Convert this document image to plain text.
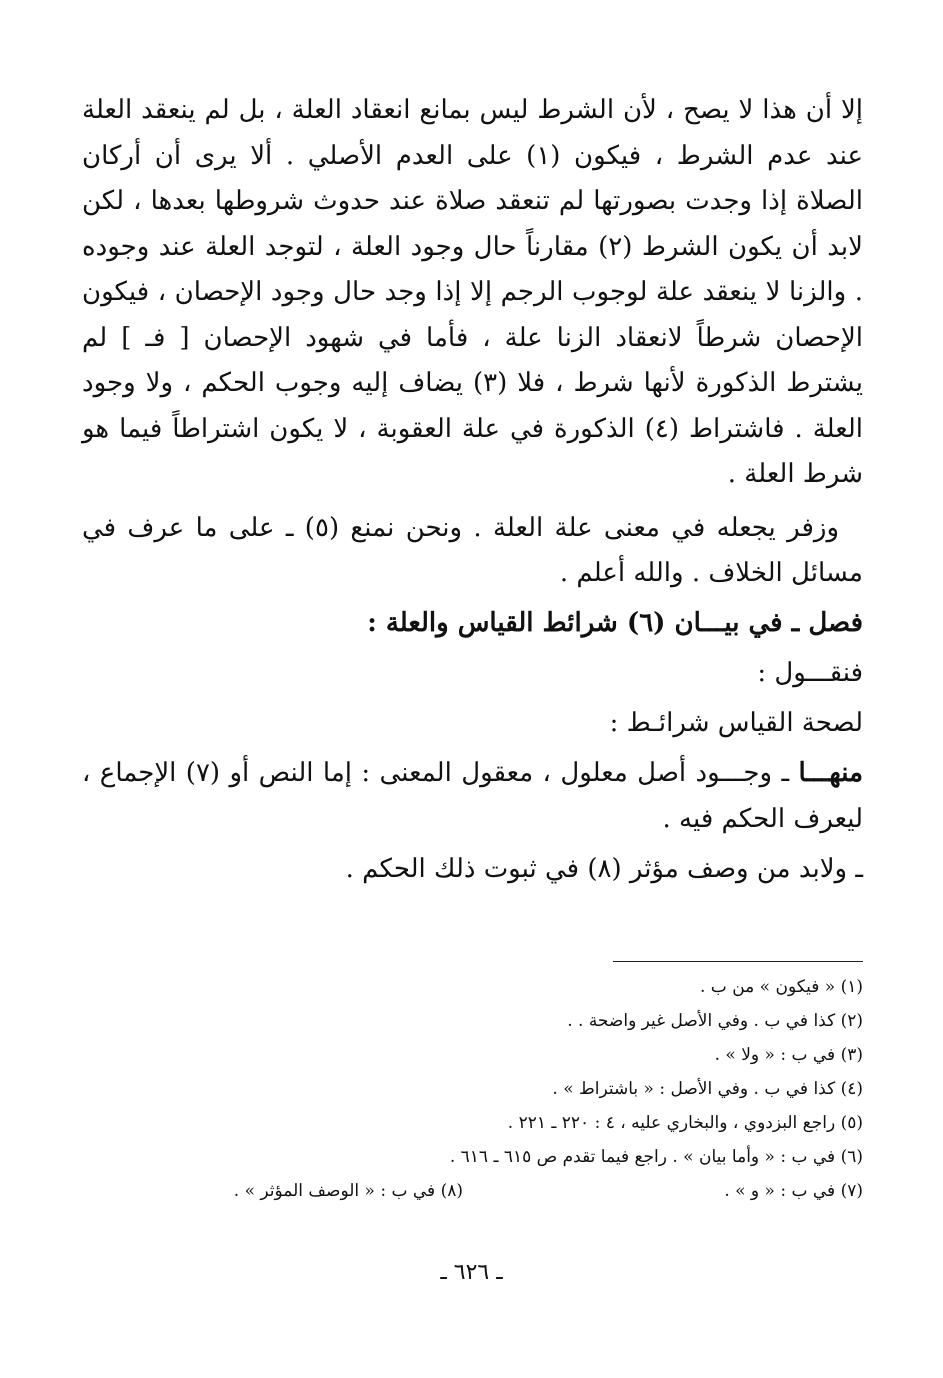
إلا أن هذا لا يصح ، لأن الشرط ليس بمانع انعقاد العلة ، بل لم ينعقد العلة عند عدم الشرط ، فيكون (١) على العدم الأصلي . ألا يرى أن أركان الصلاة إذا وجدت بصورتها لم تنعقد صلاة عند حدوث شروطها بعدها ، لكن لابد أن يكون الشرط (٢) مقارناً حال وجود العلة ، لتوجد العلة عند وجوده . والزنا لا ينعقد علة لوجوب الرجم إلا إذا وجد حال وجود الإحصان ، فيكون الإحصان شرطاً لانعقاد الزنا علة ، فأما في شهود الإحصان [ فـ ] لم يشترط الذكورة لأنها شرط ، فلا (٣) يضاف إليه وجوب الحكم ، ولا وجود العلة . فاشتراط (٤) الذكورة في علة العقوبة ، لا يكون اشتراطاً فيما هو شرط العلة .

وزفر يجعله في معنى علة العلة . ونحن نمنع (٥) ـ على ما عرف في مسائل الخلاف . والله أعلم .

فصل ـ في بيـــان (٦) شرائط القياس والعلة :

فنقـــول :

لصحة القياس شرائـط :

منهـــا ـ وجـــود أصل معلول ، معقول المعنى : إما النص أو (٧) الإجماع ، ليعرف الحكم فيه .

ـ ولابد من وصف مؤثر (٨) في ثبوت ذلك الحكم .

(١) « فيكون » من ب .

(٢) كذا في ب . وفي الأصل غير واضحة . .

(٣) في ب : « ولا » .

(٤) كذا في ب . وفي الأصل : « باشتراط » .

(٥) راجع البزدوي ، والبخاري عليه ، ٤ : ٢٢٠ ـ ٢٢١ .

(٦) في ب : « وأما بيان » . راجع فيما تقدم ص ٦١٥ ـ ٦١٦ .

(٧) في ب : « و » .

(٨) في ب : « الوصف المؤثر » .

ـ ٦٢٦ ـ
